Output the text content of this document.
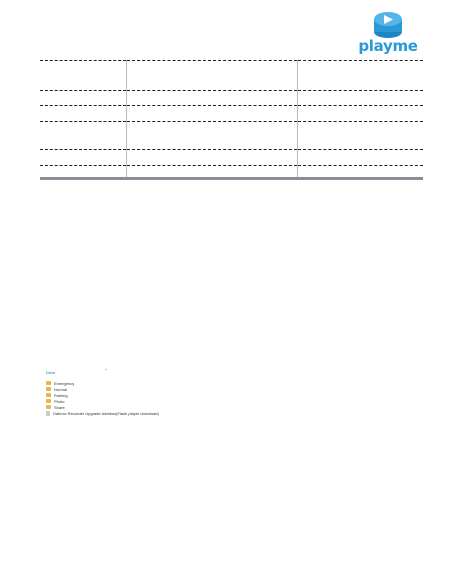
playme

Drive
^
Emergency
Normal
Parking
Photo
Share
Dafenci Recorder Upgrade Address(Flash player download)
